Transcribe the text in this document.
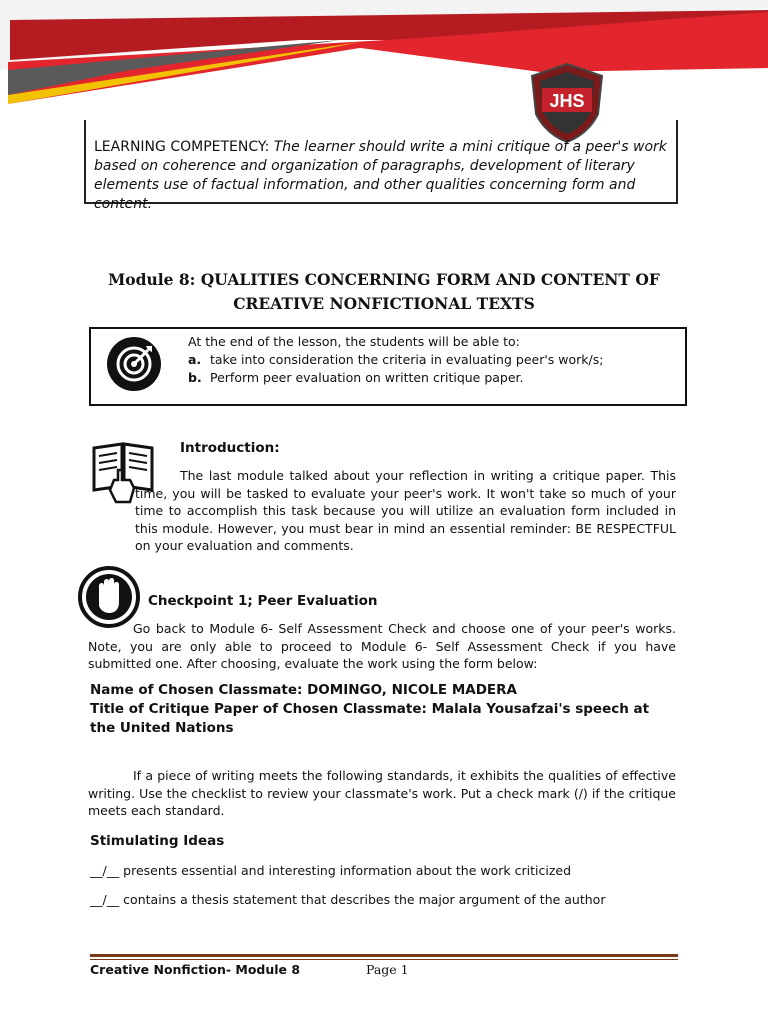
JHS
LEARNING COMPETENCY: The learner should write a mini critique of a peer's work based on coherence and organization of paragraphs, development of literary elements use of factual information, and other qualities concerning form and content.
Module 8: QUALITIES CONCERNING FORM AND CONTENT OF
CREATIVE NONFICTIONAL TEXTS
At the end of the lesson, the students will be able to:
a. take into consideration the criteria in evaluating peer's work/s;
b. Perform peer evaluation on written critique paper.
Introduction:
The last module talked about your reflection in writing a critique paper. This time, you will be tasked to evaluate your peer's work. It won't take so much of your time to accomplish this task because you will utilize an evaluation form included in this module. However, you must bear in mind an essential reminder: BE RESPECTFUL on your evaluation and comments.
Checkpoint 1; Peer Evaluation
Go back to Module 6- Self Assessment Check and choose one of your peer's works. Note, you are only able to proceed to Module 6- Self Assessment Check if you have submitted one. After choosing, evaluate the work using the form below:
Name of Chosen Classmate: DOMINGO, NICOLE MADERA
Title of Critique Paper of Chosen Classmate: Malala Yousafzai's speech at the United Nations
If a piece of writing meets the following standards, it exhibits the qualities of effective writing. Use the checklist to review your classmate's work. Put a check mark (/) if the critique meets each standard.
Stimulating Ideas
__/__ presents essential and interesting information about the work criticized
__/__ contains a thesis statement that describes the major argument of the author
Creative Nonfiction- Module 8	Page 1
